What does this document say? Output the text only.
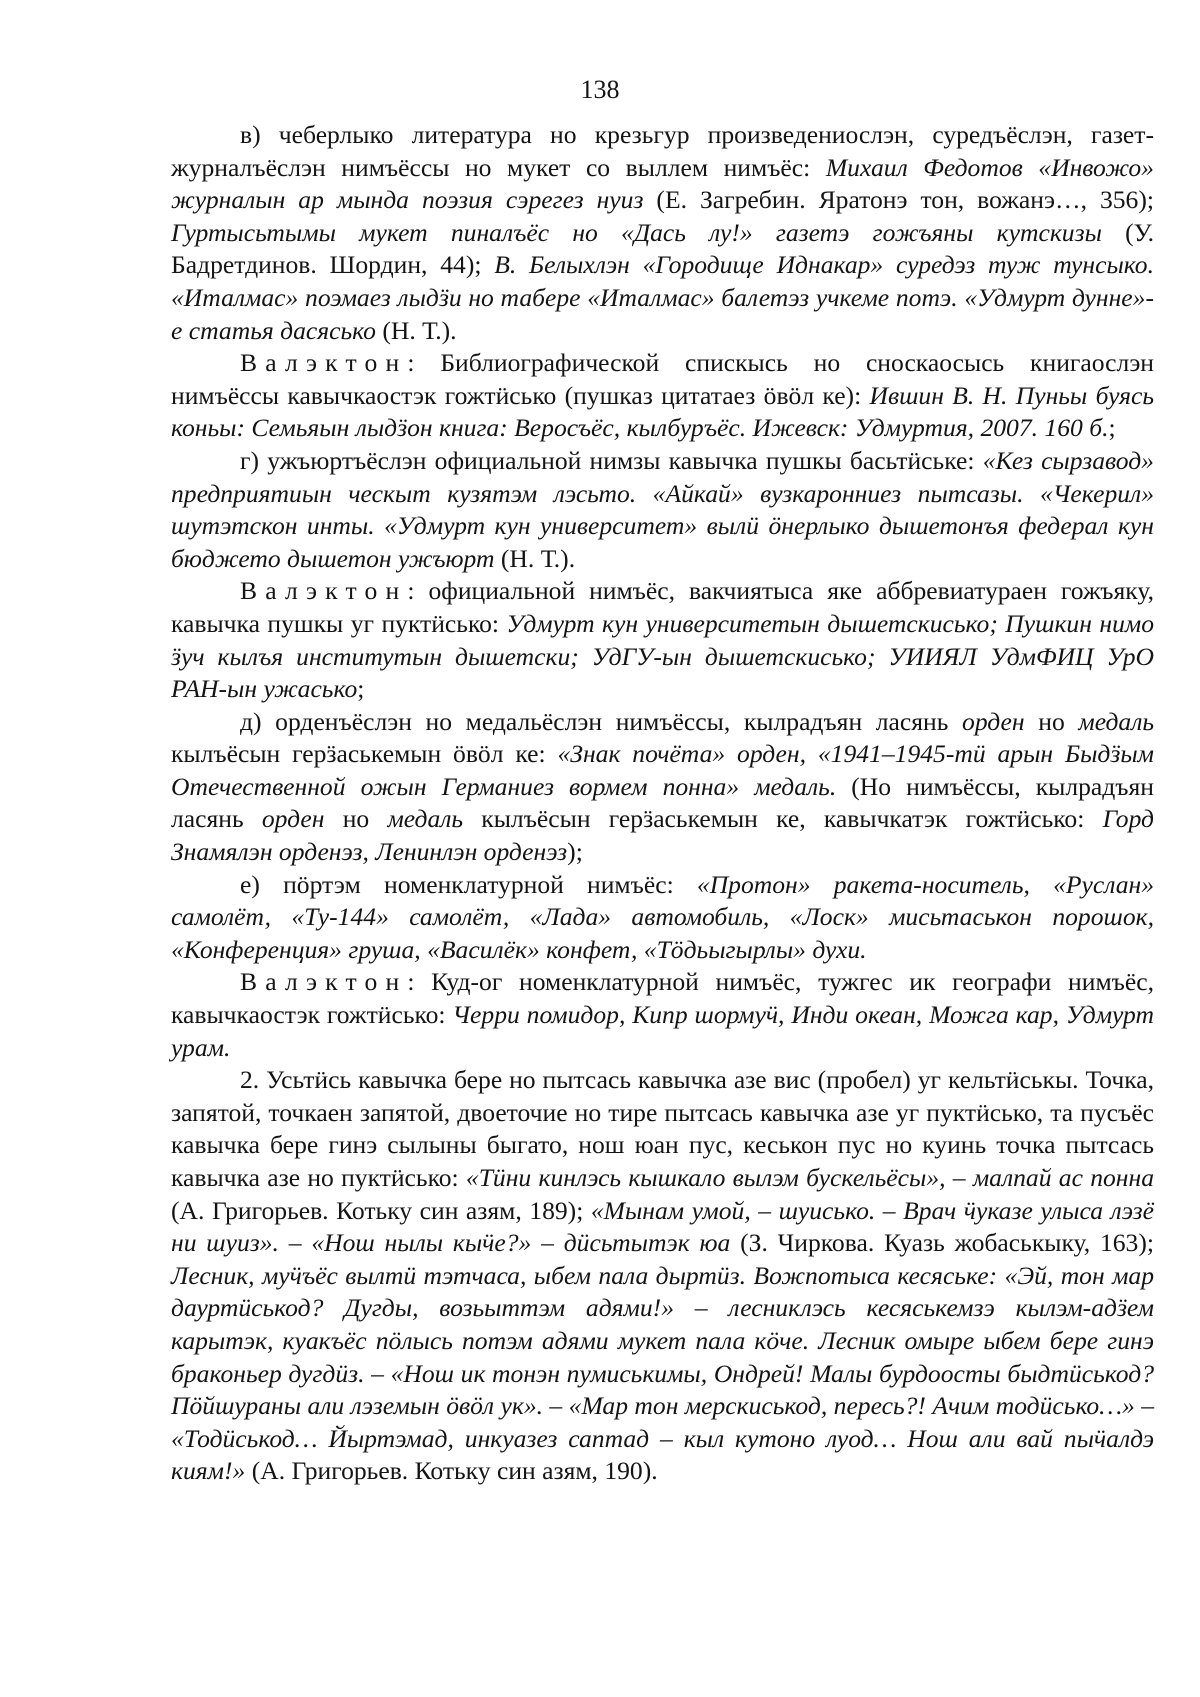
138

в) чеберлыко литература но крезьгур произведениослэн, суредъёслэн, газет-журналъёслэн нимъёссы но мукет со выллем нимъёс: Михаил Федотов «Инвожо» журналын ар мында поэзия сэрегез нуиз (Е. Загребин. Яратонэ тон, вожанэ…, 356); Гуртысьтымы мукет пиналъёс но «Дась лу!» газетэ гожъяны кутскизы (У. Бадретдинов. Шордин, 44); В. Белыхлэн «Городище Иднакар» суредэз туж тунсыко. «Италмас» поэмаез лыдӟи но табере «Италмас» балетэз учкеме потэ. «Удмурт дунне»-е статья дасясько (Н. Т.).

Валэктон: Библиографической спискысь но сноскаосысь книгаослэн нимъёссы кавычкаостэк гожтӥсько (пушказ цитатаез ӧвӧл ке): Ившин В. Н. Пуньы буясь коньы: Семьяын лыдӟон книга: Веросъёс, кылбуръёс. Ижевск: Удмуртия, 2007. 160 б.;

г) ужъюртъёслэн официальной нимзы кавычка пушкы басьтӥське: «Кез сырзавод» предприятиын ческыт кузятэм лэсьто. «Айкай» вузкаронниез пытсазы. «Чекерил» шутэтскон инты. «Удмурт кун университет» вылӥ ӧнерлыко дышетонъя федерал кун бюджето дышетон ужъюрт (Н. Т.).

Валэктон: официальной нимъёс, вакчиятыса яке аббревиатураен гожъяку, кавычка пушкы уг пуктӥсько: Удмурт кун университетын дышетскисько; Пушкин нимо ӟуч кылъя институтын дышетски; УдГУ-ын дышетскисько; УИИЯЛ УдмФИЦ УрО РАН-ын ужасько;

д) орденъёслэн но медальёслэн нимъёссы, кылрадъян ласянь орден но медаль кылъёсын герӟаськемын ӧвӧл ке: «Знак почёта» орден, «1941–1945-тӥ арын Быдӟым Отечественной ожын Германиез вормем понна» медаль. (Но нимъёссы, кылрадъян ласянь орден но медаль кылъёсын герӟаськемын ке, кавычкатэк гожтӥсько: Горд Знамялэн орденэз, Ленинлэн орденэз);

е) пӧртэм номенклатурной нимъёс: «Протон» ракета-носитель, «Руслан» самолёт, «Ту-144» самолёт, «Лада» автомобиль, «Лоск» мисьтаськон порошок, «Конференция» груша, «Василёк» конфет, «Тӧдьыгырлы» духи.

Валэктон: Куд-ог номенклатурной нимъёс, тужгес ик географи нимъёс, кавычкаостэк гожтӥсько: Черри помидор, Кипр шормуӵ, Инди океан, Можга кар, Удмурт урам.

2. Усьтӥсь кавычка бере но пытсась кавычка азе вис (пробел) уг кельтӥськы. Точка, запятой, точкаен запятой, двоеточие но тире пытсась кавычка азе уг пуктӥсько, та пусъёс кавычка бере гинэ сылыны быгато, нош юан пус, кеськон пус но куинь точка пытсась кавычка азе но пуктӥсько: «Тӥни кинлэсь кышкало вылэм бускельёсы», – малпай ас понна (А. Григорьев. Котьку син азям, 189); «Мынам умой, – шуисько. – Врач ӵуказе улыса лэзё ни шуиз». – «Нош нылы кыӵе?» – дӥсьтытэк юа (З. Чиркова. Куазь жобаськыку, 163); Лесник, муӵъёс вылтӥ тэтчаса, ыбем пала дыртӥз. Вожпотыса кесяське: «Эй, тон мар дауртӥськод? Дугды, возьыттэм адями!» – лесниклэсь кесяськемзэ кылэм-адӟем карытэк, куакъёс пӧлысь потэм адями мукет пала кӧче. Лесник омыре ыбем бере гинэ браконьер дугдӥз. – «Нош ик тонэн пумиськимы, Ондрей! Малы бурдоосты быдтӥськод? Пӧйшураны али лэземын ӧвӧл ук». – «Мар тон мерскиськод, пересь?! Ачим тодӥсько…» – «Тодӥськод… Йыртэмад, инкуазез саптад – кыл кутоно луод… Нош али вай пыӵалдэ киям!» (А. Григорьев. Котьку син азям, 190).
